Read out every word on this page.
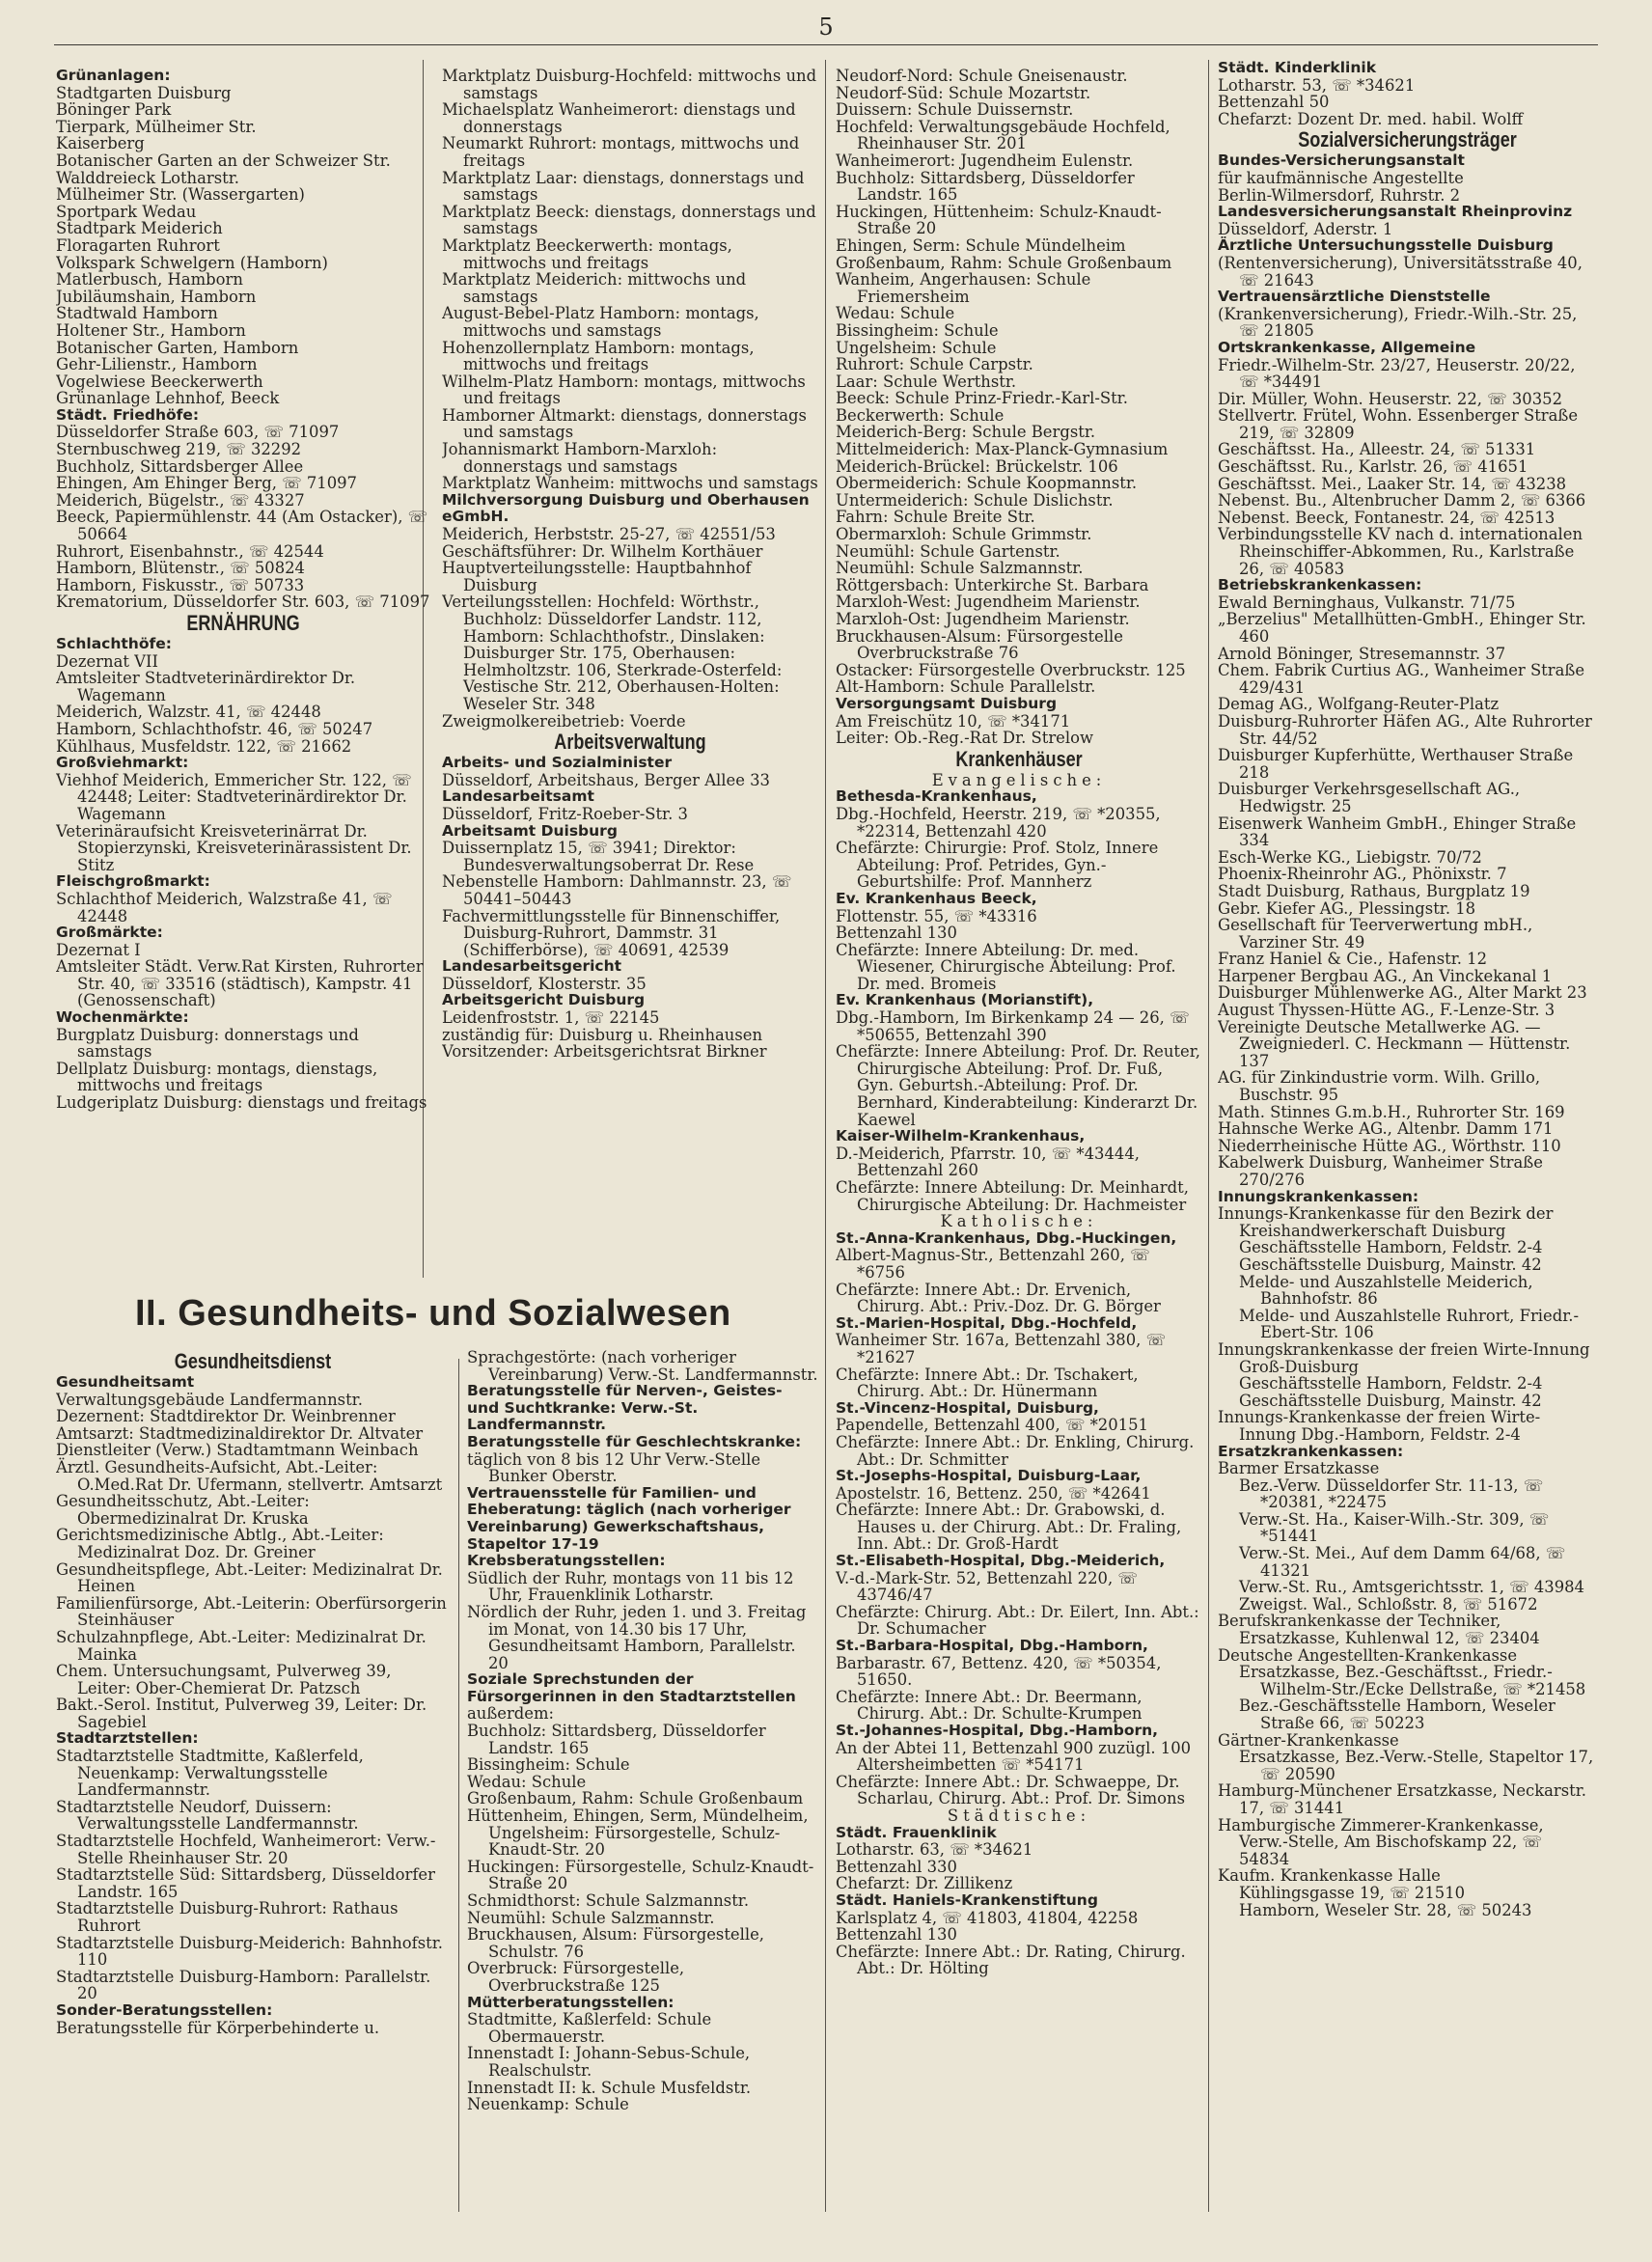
5

Grünanlagen:

Stadtgarten Duisburg

Böninger Park

Tierpark, Mülheimer Str.

Kaiserberg

Botanischer Garten an der Schweizer Str.

Walddreieck Lotharstr.

Mülheimer Str. (Wassergarten)

Sportpark Wedau

Stadtpark Meiderich

Floragarten Ruhrort

Volkspark Schwelgern (Hamborn)

Matlerbusch, Hamborn

Jubiläumshain, Hamborn

Stadtwald Hamborn

Holtener Str., Hamborn

Botanischer Garten, Hamborn

Gehr-Lilienstr., Hamborn

Vogelwiese Beeckerwerth

Grünanlage Lehnhof, Beeck

Städt. Friedhöfe:

Düsseldorfer Straße 603, ☏ 71097

Sternbuschweg 219, ☏ 32292

Buchholz, Sittardsberger Allee

Ehingen, Am Ehinger Berg, ☏ 71097

Meiderich, Bügelstr., ☏ 43327

Beeck, Papiermühlenstr. 44 (Am Ostacker), ☏ 50664

Ruhrort, Eisenbahnstr., ☏ 42544

Hamborn, Blütenstr., ☏ 50824

Hamborn, Fiskusstr., ☏ 50733

Krematorium, Düsseldorfer Str. 603, ☏ 71097

ERNÄHRUNG

Schlachthöfe:

Dezernat VII

Amtsleiter Stadtveterinärdirektor Dr. Wagemann

Meiderich, Walzstr. 41, ☏ 42448

Hamborn, Schlachthofstr. 46, ☏ 50247

Kühlhaus, Musfeldstr. 122, ☏ 21662

Großviehmarkt:

Viehhof Meiderich, Emmericher Str. 122, ☏ 42448; Leiter: Stadtveterinärdirektor Dr. Wagemann

Veterinäraufsicht Kreisveterinärrat Dr. Stopierzynski, Kreisveterinärassistent Dr. Stitz

Fleischgroßmarkt:

Schlachthof Meiderich, Walzstraße 41, ☏ 42448

Großmärkte:

Dezernat I

Amtsleiter Städt. Verw.Rat Kirsten, Ruhrorter Str. 40, ☏ 33516 (städtisch), Kampstr. 41 (Genossenschaft)

Wochenmärkte:

Burgplatz Duisburg: donnerstags und samstags

Dellplatz Duisburg: montags, dienstags, mittwochs und freitags

Ludgeriplatz Duisburg: dienstags und freitags

Marktplatz Duisburg-Hochfeld: mittwochs und samstags

Michaelsplatz Wanheimerort: dienstags und donnerstags

Neumarkt Ruhrort: montags, mittwochs und freitags

Marktplatz Laar: dienstags, donnerstags und samstags

Marktplatz Beeck: dienstags, donnerstags und samstags

Marktplatz Beeckerwerth: montags, mittwochs und freitags

Marktplatz Meiderich: mittwochs und samstags

August-Bebel-Platz Hamborn: montags, mittwochs und samstags

Hohenzollernplatz Hamborn: montags, mittwochs und freitags

Wilhelm-Platz Hamborn: montags, mittwochs und freitags

Hamborner Altmarkt: dienstags, donnerstags und samstags

Johannismarkt Hamborn-Marxloh: donnerstags und samstags

Marktplatz Wanheim: mittwochs und samstags

Milchversorgung Duisburg und Oberhausen eGmbH.

Meiderich, Herbststr. 25-27, ☏ 42551/53

Geschäftsführer: Dr. Wilhelm Korthäuer

Hauptverteilungsstelle: Hauptbahnhof Duisburg

Verteilungsstellen: Hochfeld: Wörthstr., Buchholz: Düsseldorfer Landstr. 112, Hamborn: Schlachthofstr., Dinslaken: Duisburger Str. 175, Oberhausen: Helmholtzstr. 106, Sterkrade-Osterfeld: Vestische Str. 212, Oberhausen-Holten: Weseler Str. 348

Zweigmolkereibetrieb: Voerde

Arbeitsverwaltung

Arbeits- und Sozialminister

Düsseldorf, Arbeitshaus, Berger Allee 33

Landesarbeitsamt

Düsseldorf, Fritz-Roeber-Str. 3

Arbeitsamt Duisburg

Duissernplatz 15, ☏ 3941; Direktor: Bundesverwaltungsoberrat Dr. Rese

Nebenstelle Hamborn: Dahlmannstr. 23, ☏ 50441–50443

Fachvermittlungsstelle für Binnenschiffer, Duisburg-Ruhrort, Dammstr. 31 (Schifferbörse), ☏ 40691, 42539

Landesarbeitsgericht

Düsseldorf, Klosterstr. 35

Arbeitsgericht Duisburg

Leidenfroststr. 1, ☏ 22145

zuständig für: Duisburg u. Rheinhausen

Vorsitzender: Arbeitsgerichtsrat Birkner

Neudorf-Nord: Schule Gneisenaustr.

Neudorf-Süd: Schule Mozartstr.

Duissern: Schule Duissernstr.

Hochfeld: Verwaltungsgebäude Hochfeld, Rheinhauser Str. 201

Wanheimerort: Jugendheim Eulenstr.

Buchholz: Sittardsberg, Düsseldorfer Landstr. 165

Huckingen, Hüttenheim: Schulz-Knaudt-Straße 20

Ehingen, Serm: Schule Mündelheim

Großenbaum, Rahm: Schule Großenbaum

Wanheim, Angerhausen: Schule Friemersheim

Wedau: Schule

Bissingheim: Schule

Ungelsheim: Schule

Ruhrort: Schule Carpstr.

Laar: Schule Werthstr.

Beeck: Schule Prinz-Friedr.-Karl-Str.

Beckerwerth: Schule

Meiderich-Berg: Schule Bergstr.

Mittelmeiderich: Max-Planck-Gymnasium

Meiderich-Brückel: Brückelstr. 106

Obermeiderich: Schule Koopmannstr.

Untermeiderich: Schule Dislichstr.

Fahrn: Schule Breite Str.

Obermarxloh: Schule Grimmstr.

Neumühl: Schule Gartenstr.

Neumühl: Schule Salzmannstr.

Röttgersbach: Unterkirche St. Barbara

Marxloh-West: Jugendheim Marienstr.

Marxloh-Ost: Jugendheim Marienstr.

Bruckhausen-Alsum: Fürsorgestelle Overbruckstraße 76

Ostacker: Fürsorgestelle Overbruckstr. 125

Alt-Hamborn: Schule Parallelstr.

Versorgungsamt Duisburg

Am Freischütz 10, ☏ *34171

Leiter: Ob.-Reg.-Rat Dr. Strelow

Krankenhäuser

Evangelische:

Bethesda-Krankenhaus,

Dbg.-Hochfeld, Heerstr. 219, ☏ *20355, *22314, Bettenzahl 420

Chefärzte: Chirurgie: Prof. Stolz, Innere Abteilung: Prof. Petrides, Gyn.-Geburtshilfe: Prof. Mannherz

Ev. Krankenhaus Beeck,

Flottenstr. 55, ☏ *43316

Bettenzahl 130

Chefärzte: Innere Abteilung: Dr. med. Wiesener, Chirurgische Abteilung: Prof. Dr. med. Bromeis

Ev. Krankenhaus (Morianstift),

Dbg.-Hamborn, Im Birkenkamp 24 — 26, ☏ *50655, Bettenzahl 390

Chefärzte: Innere Abteilung: Prof. Dr. Reuter, Chirurgische Abteilung: Prof. Dr. Fuß, Gyn. Geburtsh.-Abteilung: Prof. Dr. Bernhard, Kinderabteilung: Kinderarzt Dr. Kaewel

Kaiser-Wilhelm-Krankenhaus,

D.-Meiderich, Pfarrstr. 10, ☏ *43444, Bettenzahl 260

Chefärzte: Innere Abteilung: Dr. Meinhardt, Chirurgische Abteilung: Dr. Hachmeister

Katholische:

St.-Anna-Krankenhaus, Dbg.-Huckingen,

Albert-Magnus-Str., Bettenzahl 260, ☏ *6756

Chefärzte: Innere Abt.: Dr. Ervenich, Chirurg. Abt.: Priv.-Doz. Dr. G. Börger

St.-Marien-Hospital, Dbg.-Hochfeld,

Wanheimer Str. 167a, Bettenzahl 380, ☏ *21627

Chefärzte: Innere Abt.: Dr. Tschakert, Chirurg. Abt.: Dr. Hünermann

St.-Vincenz-Hospital, Duisburg,

Papendelle, Bettenzahl 400, ☏ *20151

Chefärzte: Innere Abt.: Dr. Enkling, Chirurg. Abt.: Dr. Schmitter

St.-Josephs-Hospital, Duisburg-Laar,

Apostelstr. 16, Bettenz. 250, ☏ *42641

Chefärzte: Innere Abt.: Dr. Grabowski, d. Hauses u. der Chirurg. Abt.: Dr. Fraling, Inn. Abt.: Dr. Groß-Hardt

St.-Elisabeth-Hospital, Dbg.-Meiderich,

V.-d.-Mark-Str. 52, Bettenzahl 220, ☏ 43746/47

Chefärzte: Chirurg. Abt.: Dr. Eilert, Inn. Abt.: Dr. Schumacher

St.-Barbara-Hospital, Dbg.-Hamborn,

Barbarastr. 67, Bettenz. 420, ☏ *50354, 51650.

Chefärzte: Innere Abt.: Dr. Beermann, Chirurg. Abt.: Dr. Schulte-Krumpen

St.-Johannes-Hospital, Dbg.-Hamborn,

An der Abtei 11, Bettenzahl 900 zuzügl. 100 Altersheimbetten ☏ *54171

Chefärzte: Innere Abt.: Dr. Schwaeppe, Dr. Scharlau, Chirurg. Abt.: Prof. Dr. Simons

Städtische:

Städt. Frauenklinik

Lotharstr. 63, ☏ *34621

Bettenzahl 330

Chefarzt: Dr. Zillikenz

Städt. Haniels-Krankenstiftung

Karlsplatz 4, ☏ 41803, 41804, 42258

Bettenzahl 130

Chefärzte: Innere Abt.: Dr. Rating, Chirurg. Abt.: Dr. Hölting

Städt. Kinderklinik

Lotharstr. 53, ☏ *34621

Bettenzahl 50

Chefarzt: Dozent Dr. med. habil. Wolff

Sozialversicherungsträger

Bundes-Versicherungsanstalt

für kaufmännische Angestellte

Berlin-Wilmersdorf, Ruhrstr. 2

Landesversicherungsanstalt Rheinprovinz

Düsseldorf, Aderstr. 1

Ärztliche Untersuchungsstelle Duisburg

(Rentenversicherung), Universitätsstraße 40, ☏ 21643

Vertrauensärztliche Dienststelle

(Krankenversicherung), Friedr.-Wilh.-Str. 25, ☏ 21805

Ortskrankenkasse, Allgemeine

Friedr.-Wilhelm-Str. 23/27, Heuserstr. 20/22, ☏ *34491

Dir. Müller, Wohn. Heuserstr. 22, ☏ 30352

Stellvertr. Frütel, Wohn. Essenberger Straße 219, ☏ 32809

Geschäftsst. Ha., Alleestr. 24, ☏ 51331

Geschäftsst. Ru., Karlstr. 26, ☏ 41651

Geschäftsst. Mei., Laaker Str. 14, ☏ 43238

Nebenst. Bu., Altenbrucher Damm 2, ☏ 6366

Nebenst. Beeck, Fontanestr. 24, ☏ 42513

Verbindungsstelle KV nach d. internationalen Rheinschiffer-Abkommen, Ru., Karlstraße 26, ☏ 40583

Betriebskrankenkassen:

Ewald Berninghaus, Vulkanstr. 71/75

„Berzelius" Metallhütten-GmbH., Ehinger Str. 460

Arnold Böninger, Stresemannstr. 37

Chem. Fabrik Curtius AG., Wanheimer Straße 429/431

Demag AG., Wolfgang-Reuter-Platz

Duisburg-Ruhrorter Häfen AG., Alte Ruhrorter Str. 44/52

Duisburger Kupferhütte, Werthauser Straße 218

Duisburger Verkehrsgesellschaft AG., Hedwigstr. 25

Eisenwerk Wanheim GmbH., Ehinger Straße 334

Esch-Werke KG., Liebigstr. 70/72

Phoenix-Rheinrohr AG., Phönixstr. 7

Stadt Duisburg, Rathaus, Burgplatz 19

Gebr. Kiefer AG., Plessingstr. 18

Gesellschaft für Teerverwertung mbH., Varziner Str. 49

Franz Haniel & Cie., Hafenstr. 12

Harpener Bergbau AG., An Vinckekanal 1

Duisburger Mühlenwerke AG., Alter Markt 23

August Thyssen-Hütte AG., F.-Lenze-Str. 3

Vereinigte Deutsche Metallwerke AG. — Zweigniederl. C. Heckmann — Hüttenstr. 137

AG. für Zinkindustrie vorm. Wilh. Grillo, Buschstr. 95

Math. Stinnes G.m.b.H., Ruhrorter Str. 169

Hahnsche Werke AG., Altenbr. Damm 171

Niederrheinische Hütte AG., Wörthstr. 110

Kabelwerk Duisburg, Wanheimer Straße 270/276

Innungskrankenkassen:

Innungs-Krankenkasse für den Bezirk der Kreishandwerkerschaft Duisburg

Geschäftsstelle Hamborn, Feldstr. 2-4

Geschäftsstelle Duisburg, Mainstr. 42

Melde- und Auszahlstelle Meiderich, Bahnhofstr. 86

Melde- und Auszahlstelle Ruhrort, Friedr.-Ebert-Str. 106

Innungskrankenkasse der freien Wirte-Innung Groß-Duisburg

Geschäftsstelle Hamborn, Feldstr. 2-4

Geschäftsstelle Duisburg, Mainstr. 42

Innungs-Krankenkasse der freien Wirte-Innung Dbg.-Hamborn, Feldstr. 2-4

Ersatzkrankenkassen:

Barmer Ersatzkasse

Bez.-Verw. Düsseldorfer Str. 11-13, ☏ *20381, *22475

Verw.-St. Ha., Kaiser-Wilh.-Str. 309, ☏ *51441

Verw.-St. Mei., Auf dem Damm 64/68, ☏ 41321

Verw.-St. Ru., Amtsgerichtsstr. 1, ☏ 43984

Zweigst. Wal., Schloßstr. 8, ☏ 51672

Berufskrankenkasse der Techniker, Ersatzkasse, Kuhlenwal 12, ☏ 23404

Deutsche Angestellten-Krankenkasse

Ersatzkasse, Bez.-Geschäftsst., Friedr.-Wilhelm-Str./Ecke Dellstraße, ☏ *21458

Bez.-Geschäftsstelle Hamborn, Weseler Straße 66, ☏ 50223

Gärtner-Krankenkasse

Ersatzkasse, Bez.-Verw.-Stelle, Stapeltor 17, ☏ 20590

Hamburg-Münchener Ersatzkasse, Neckarstr. 17, ☏ 31441

Hamburgische Zimmerer-Krankenkasse, Verw.-Stelle, Am Bischofskamp 22, ☏ 54834

Kaufm. Krankenkasse Halle

Kühlingsgasse 19, ☏ 21510

Hamborn, Weseler Str. 28, ☏ 50243

II. Gesundheits- und Sozialwesen

Gesundheitsdienst

Gesundheitsamt

Verwaltungsgebäude Landfermannstr.

Dezernent: Stadtdirektor Dr. Weinbrenner

Amtsarzt: Stadtmedizinaldirektor Dr. Altvater

Dienstleiter (Verw.) Stadtamtmann Weinbach

Ärztl. Gesundheits-Aufsicht, Abt.-Leiter: O.Med.Rat Dr. Ufermann, stellvertr. Amtsarzt

Gesundheitsschutz, Abt.-Leiter: Obermedizinalrat Dr. Kruska

Gerichtsmedizinische Abtlg., Abt.-Leiter: Medizinalrat Doz. Dr. Greiner

Gesundheitspflege, Abt.-Leiter: Medizinalrat Dr. Heinen

Familienfürsorge, Abt.-Leiterin: Oberfürsorgerin Steinhäuser

Schulzahnpflege, Abt.-Leiter: Medizinalrat Dr. Mainka

Chem. Untersuchungsamt, Pulverweg 39, Leiter: Ober-Chemierat Dr. Patzsch

Bakt.-Serol. Institut, Pulverweg 39, Leiter: Dr. Sagebiel

Stadtarztstellen:

Stadtarztstelle Stadtmitte, Kaßlerfeld, Neuenkamp: Verwaltungsstelle Landfermannstr.

Stadtarztstelle Neudorf, Duissern: Verwaltungsstelle Landfermannstr.

Stadtarztstelle Hochfeld, Wanheimerort: Verw.-Stelle Rheinhauser Str. 20

Stadtarztstelle Süd: Sittardsberg, Düsseldorfer Landstr. 165

Stadtarztstelle Duisburg-Ruhrort: Rathaus Ruhrort

Stadtarztstelle Duisburg-Meiderich: Bahnhofstr. 110

Stadtarztstelle Duisburg-Hamborn: Parallelstr. 20

Sonder-Beratungsstellen:

Beratungsstelle für Körperbehinderte u.

Sprachgestörte: (nach vorheriger Vereinbarung) Verw.-St. Landfermannstr.

Beratungsstelle für Nerven-, Geistes- und Suchtkranke: Verw.-St. Landfermannstr.

Beratungsstelle für Geschlechtskranke:

täglich von 8 bis 12 Uhr Verw.-Stelle Bunker Oberstr.

Vertrauensstelle für Familien- und Eheberatung: täglich (nach vorheriger Vereinbarung) Gewerkschaftshaus, Stapeltor 17-19

Krebsberatungsstellen:

Südlich der Ruhr, montags von 11 bis 12 Uhr, Frauenklinik Lotharstr.

Nördlich der Ruhr, jeden 1. und 3. Freitag im Monat, von 14.30 bis 17 Uhr, Gesundheitsamt Hamborn, Parallelstr. 20

Soziale Sprechstunden der Fürsorgerinnen in den Stadtarztstellen

außerdem:

Buchholz: Sittardsberg, Düsseldorfer Landstr. 165

Bissingheim: Schule

Wedau: Schule

Großenbaum, Rahm: Schule Großenbaum

Hüttenheim, Ehingen, Serm, Mündelheim, Ungelsheim: Fürsorgestelle, Schulz-Knaudt-Str. 20

Huckingen: Fürsorgestelle, Schulz-Knaudt-Straße 20

Schmidthorst: Schule Salzmannstr.

Neumühl: Schule Salzmannstr.

Bruckhausen, Alsum: Fürsorgestelle, Schulstr. 76

Overbruck: Fürsorgestelle, Overbruckstraße 125

Mütterberatungsstellen:

Stadtmitte, Kaßlerfeld: Schule Obermauerstr.

Innenstadt I: Johann-Sebus-Schule, Realschulstr.

Innenstadt II: k. Schule Musfeldstr.

Neuenkamp: Schule
